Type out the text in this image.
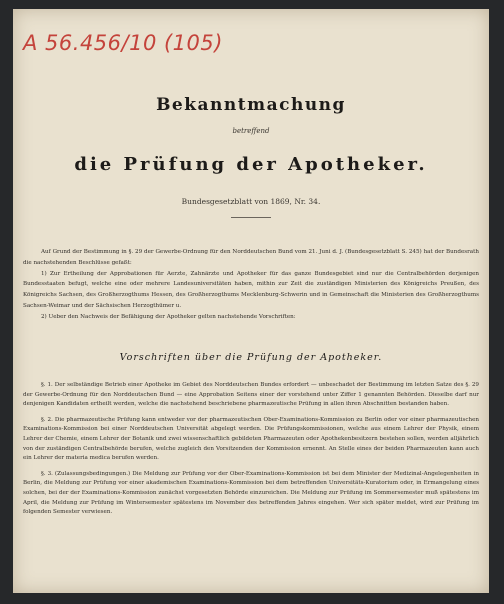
A 56.456/10 (105)
Bekanntmachung
betreffend
die Prüfung der Apotheker.
Bundesgesetzblatt von 1869, Nr. 34.

Auf Grund der Bestimmung in §. 29 der Gewerbe-Ordnung für den Norddeutschen Bund vom 21. Juni d. J. (Bundesgesetzblatt S. 245) hat der Bundesrath die nachstehenden Beschlüsse gefaßt:

1) Zur Ertheilung der Approbationen für Aerzte, Zahnärzte und Apotheker für das ganze Bundesgebiet sind nur die Centralbehörden derjenigen Bundesstaaten befugt, welche eine oder mehrere Landesuniversitäten haben, mithin zur Zeit die zuständigen Ministerien des Königreichs Preußen, des Königreichs Sachsen, des Großherzogthums Hessen, des Großherzogthums Mecklenburg-Schwerin und in Gemeinschaft die Ministerien des Großherzogthums Sachsen-Weimar und der Sächsischen Herzogthümer u.

2) Ueber den Nachweis der Befähigung der Apotheker gelten nachstehende Vorschriften:

Vorschriften über die Prüfung der Apotheker.

§. 1. Der selbständige Betrieb einer Apotheke im Gebiet des Norddeutschen Bundes erfordert — unbeschadet der Bestimmung im letzten Satze des §. 29 der Gewerbe-Ordnung für den Norddeutschen Bund — eine Approbation Seitens einer der vorstehend unter Ziffer 1 genannten Behörden. Dieselbe darf nur denjenigen Kandidaten ertheilt werden, welche die nachstehend beschriebene pharmazeutische Prüfung in allen ihren Abschnitten bestanden haben.

§. 2. Die pharmazeutische Prüfung kann entweder vor der pharmazeutischen Ober-Examinations-Kommission zu Berlin oder vor einer pharmazeutischen Examinations-Kommission bei einer Norddeutschen Universität abgelegt werden. Die Prüfungskommissionen, welche aus einem Lehrer der Physik, einem Lehrer der Chemie, einem Lehrer der Botanik und zwei wissenschaftlich gebildeten Pharmazeuten oder Apothekenbesitzern bestehen sollen, werden alljährlich von der zuständigen Centralbehörde berufen, welche zugleich den Vorsitzenden der Kommission ernennt. An Stelle eines der beiden Pharmazeuten kann auch ein Lehrer der materia medica berufen werden.

§. 3. (Zulassungsbedingungen.) Die Meldung zur Prüfung vor der Ober-Examinations-Kommission ist bei dem Minister der Medizinal-Angelegenheiten in Berlin, die Meldung zur Prüfung vor einer akademischen Examinations-Kommission bei dem betreffenden Universitäts-Kuratorium oder, in Ermangelung eines solchen, bei der der Examinations-Kommission zunächst vorgesetzten Behörde einzureichen. Die Meldung zur Prüfung im Sommersemester muß spätestens im April, die Meldung zur Prüfung im Wintersemester spätestens im November des betreffenden Jahres eingehen. Wer sich später meldet, wird zur Prüfung im folgenden Semester verwiesen.
